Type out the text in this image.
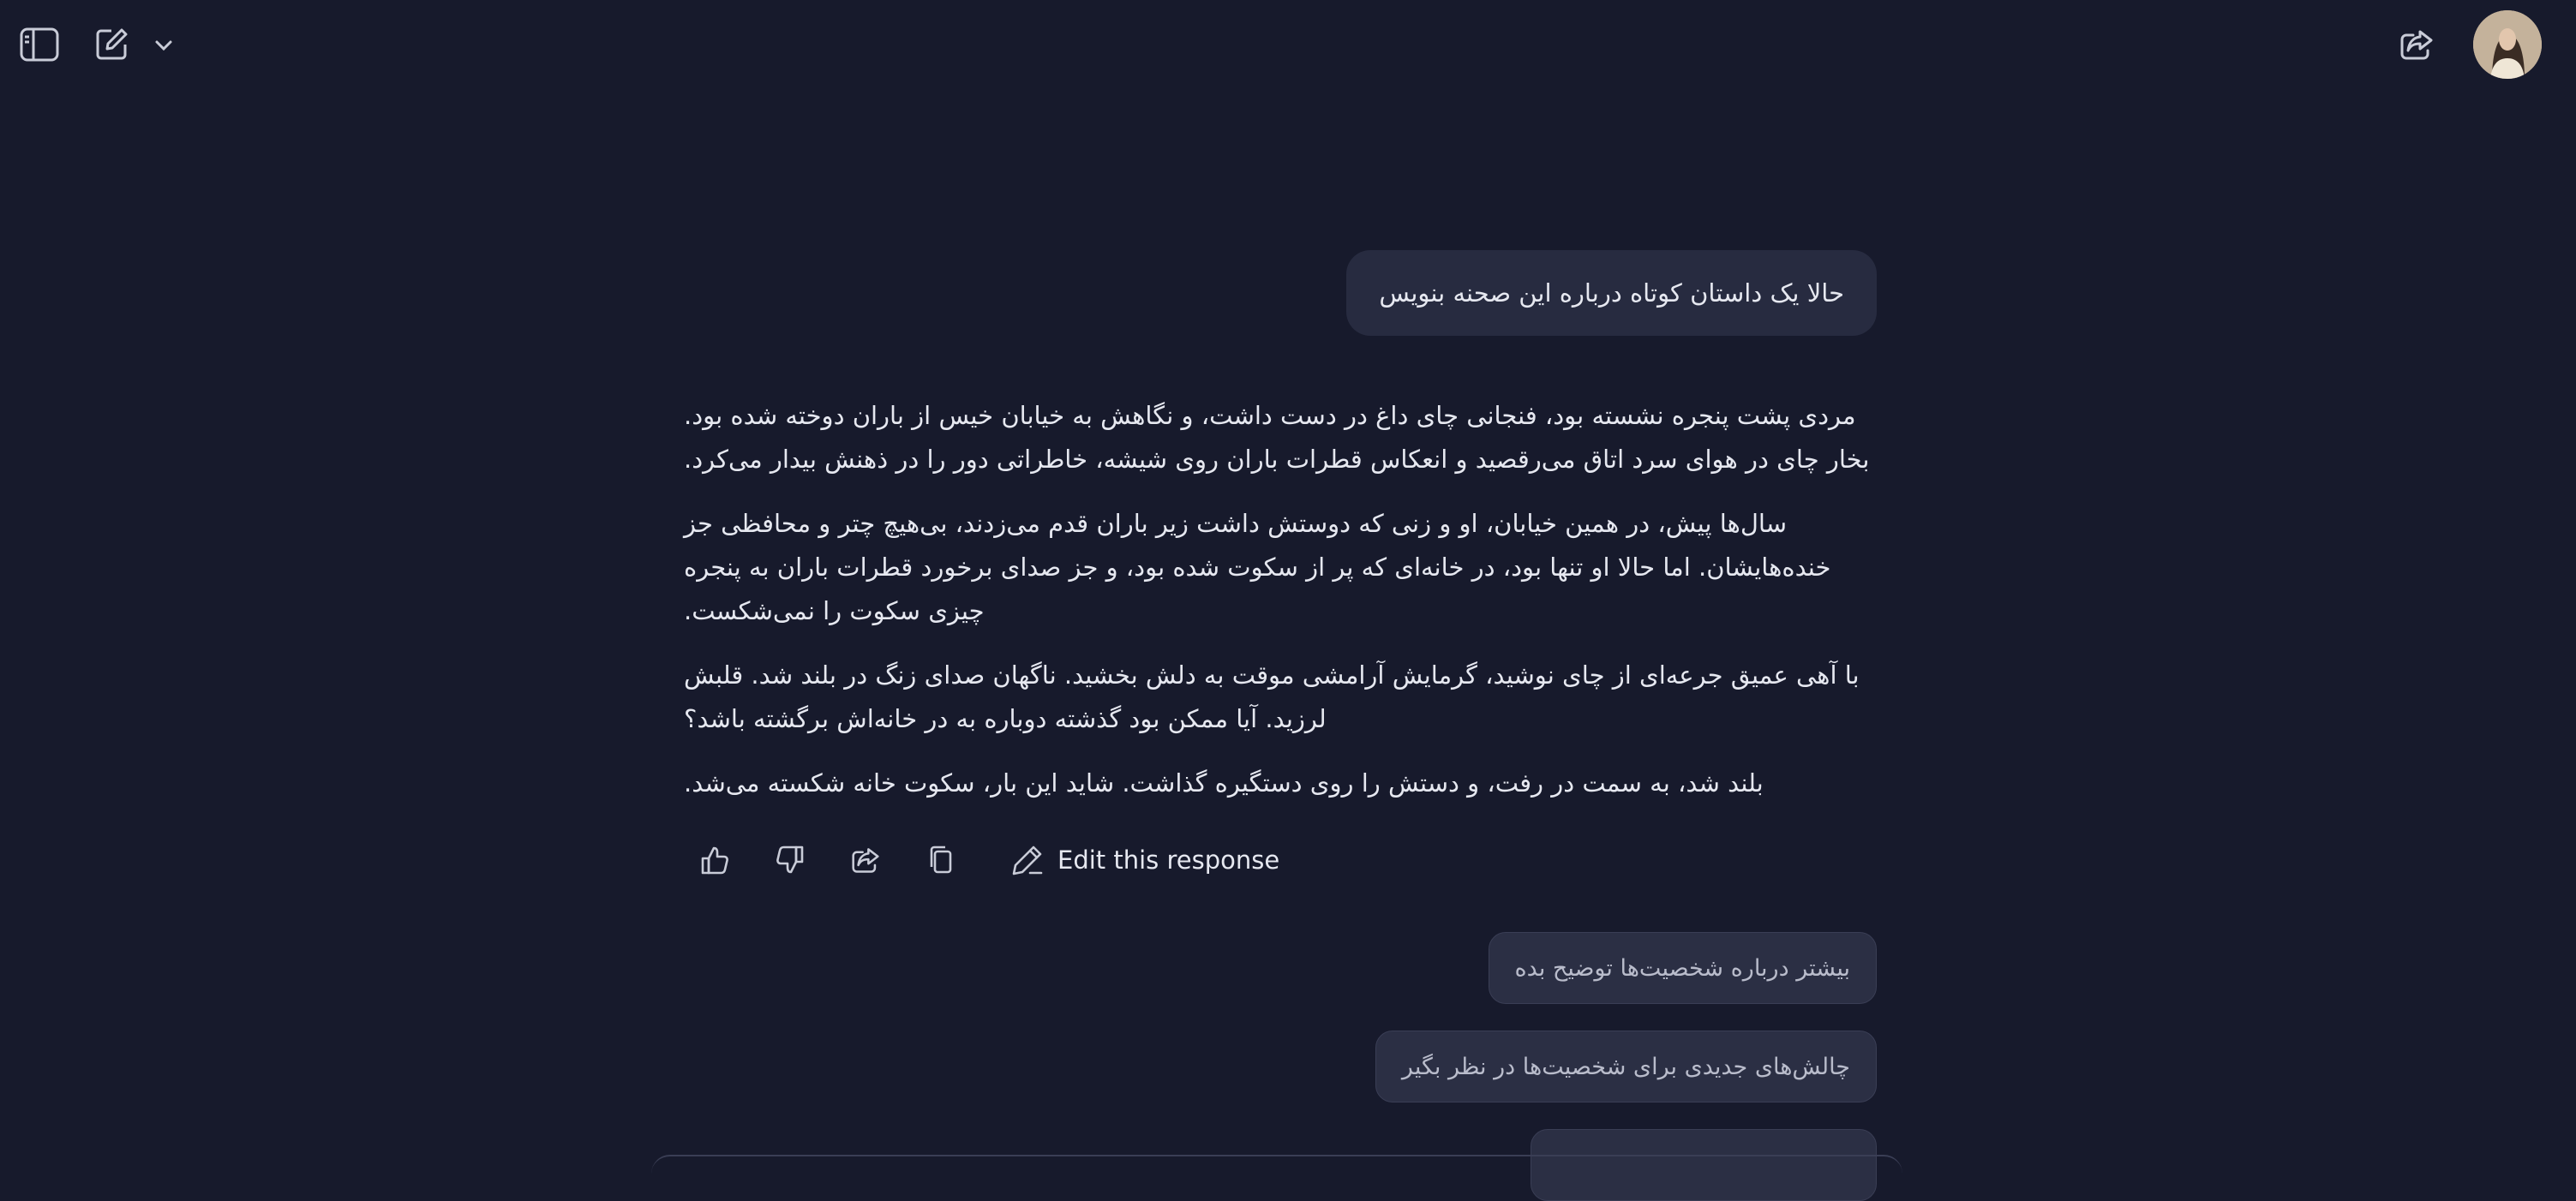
حالا یک داستان کوتاه درباره این صحنه بنویس

مردی پشت پنجره نشسته بود، فنجانی چای داغ در دست داشت، و نگاهش به خیابان خیس از باران دوخته شده بود. بخار چای در هوای سرد اتاق می‌رقصید و انعکاس قطرات باران روی شیشه، خاطراتی دور را در ذهنش بیدار می‌کرد.

سال‌ها پیش، در همین خیابان، او و زنی که دوستش داشت زیر باران قدم می‌زدند، بی‌هیچ چتر و محافظی جز خنده‌هایشان. اما حالا او تنها بود، در خانه‌ای که پر از سکوت شده بود، و جز صدای برخورد قطرات باران به پنجره چیزی سکوت را نمی‌شکست.

با آهی عمیق جرعه‌ای از چای نوشید، گرمایش آرامشی موقت به دلش بخشید. ناگهان صدای زنگ در بلند شد. قلبش لرزید. آیا ممکن بود گذشته دوباره به در خانه‌اش برگشته باشد؟

بلند شد، به سمت در رفت، و دستش را روی دستگیره گذاشت. شاید این بار، سکوت خانه شکسته می‌شد.

Edit this response
بیشتر درباره شخصیت‌ها توضیح بده
چالش‌های جدیدی برای شخصیت‌ها در نظر بگیر
